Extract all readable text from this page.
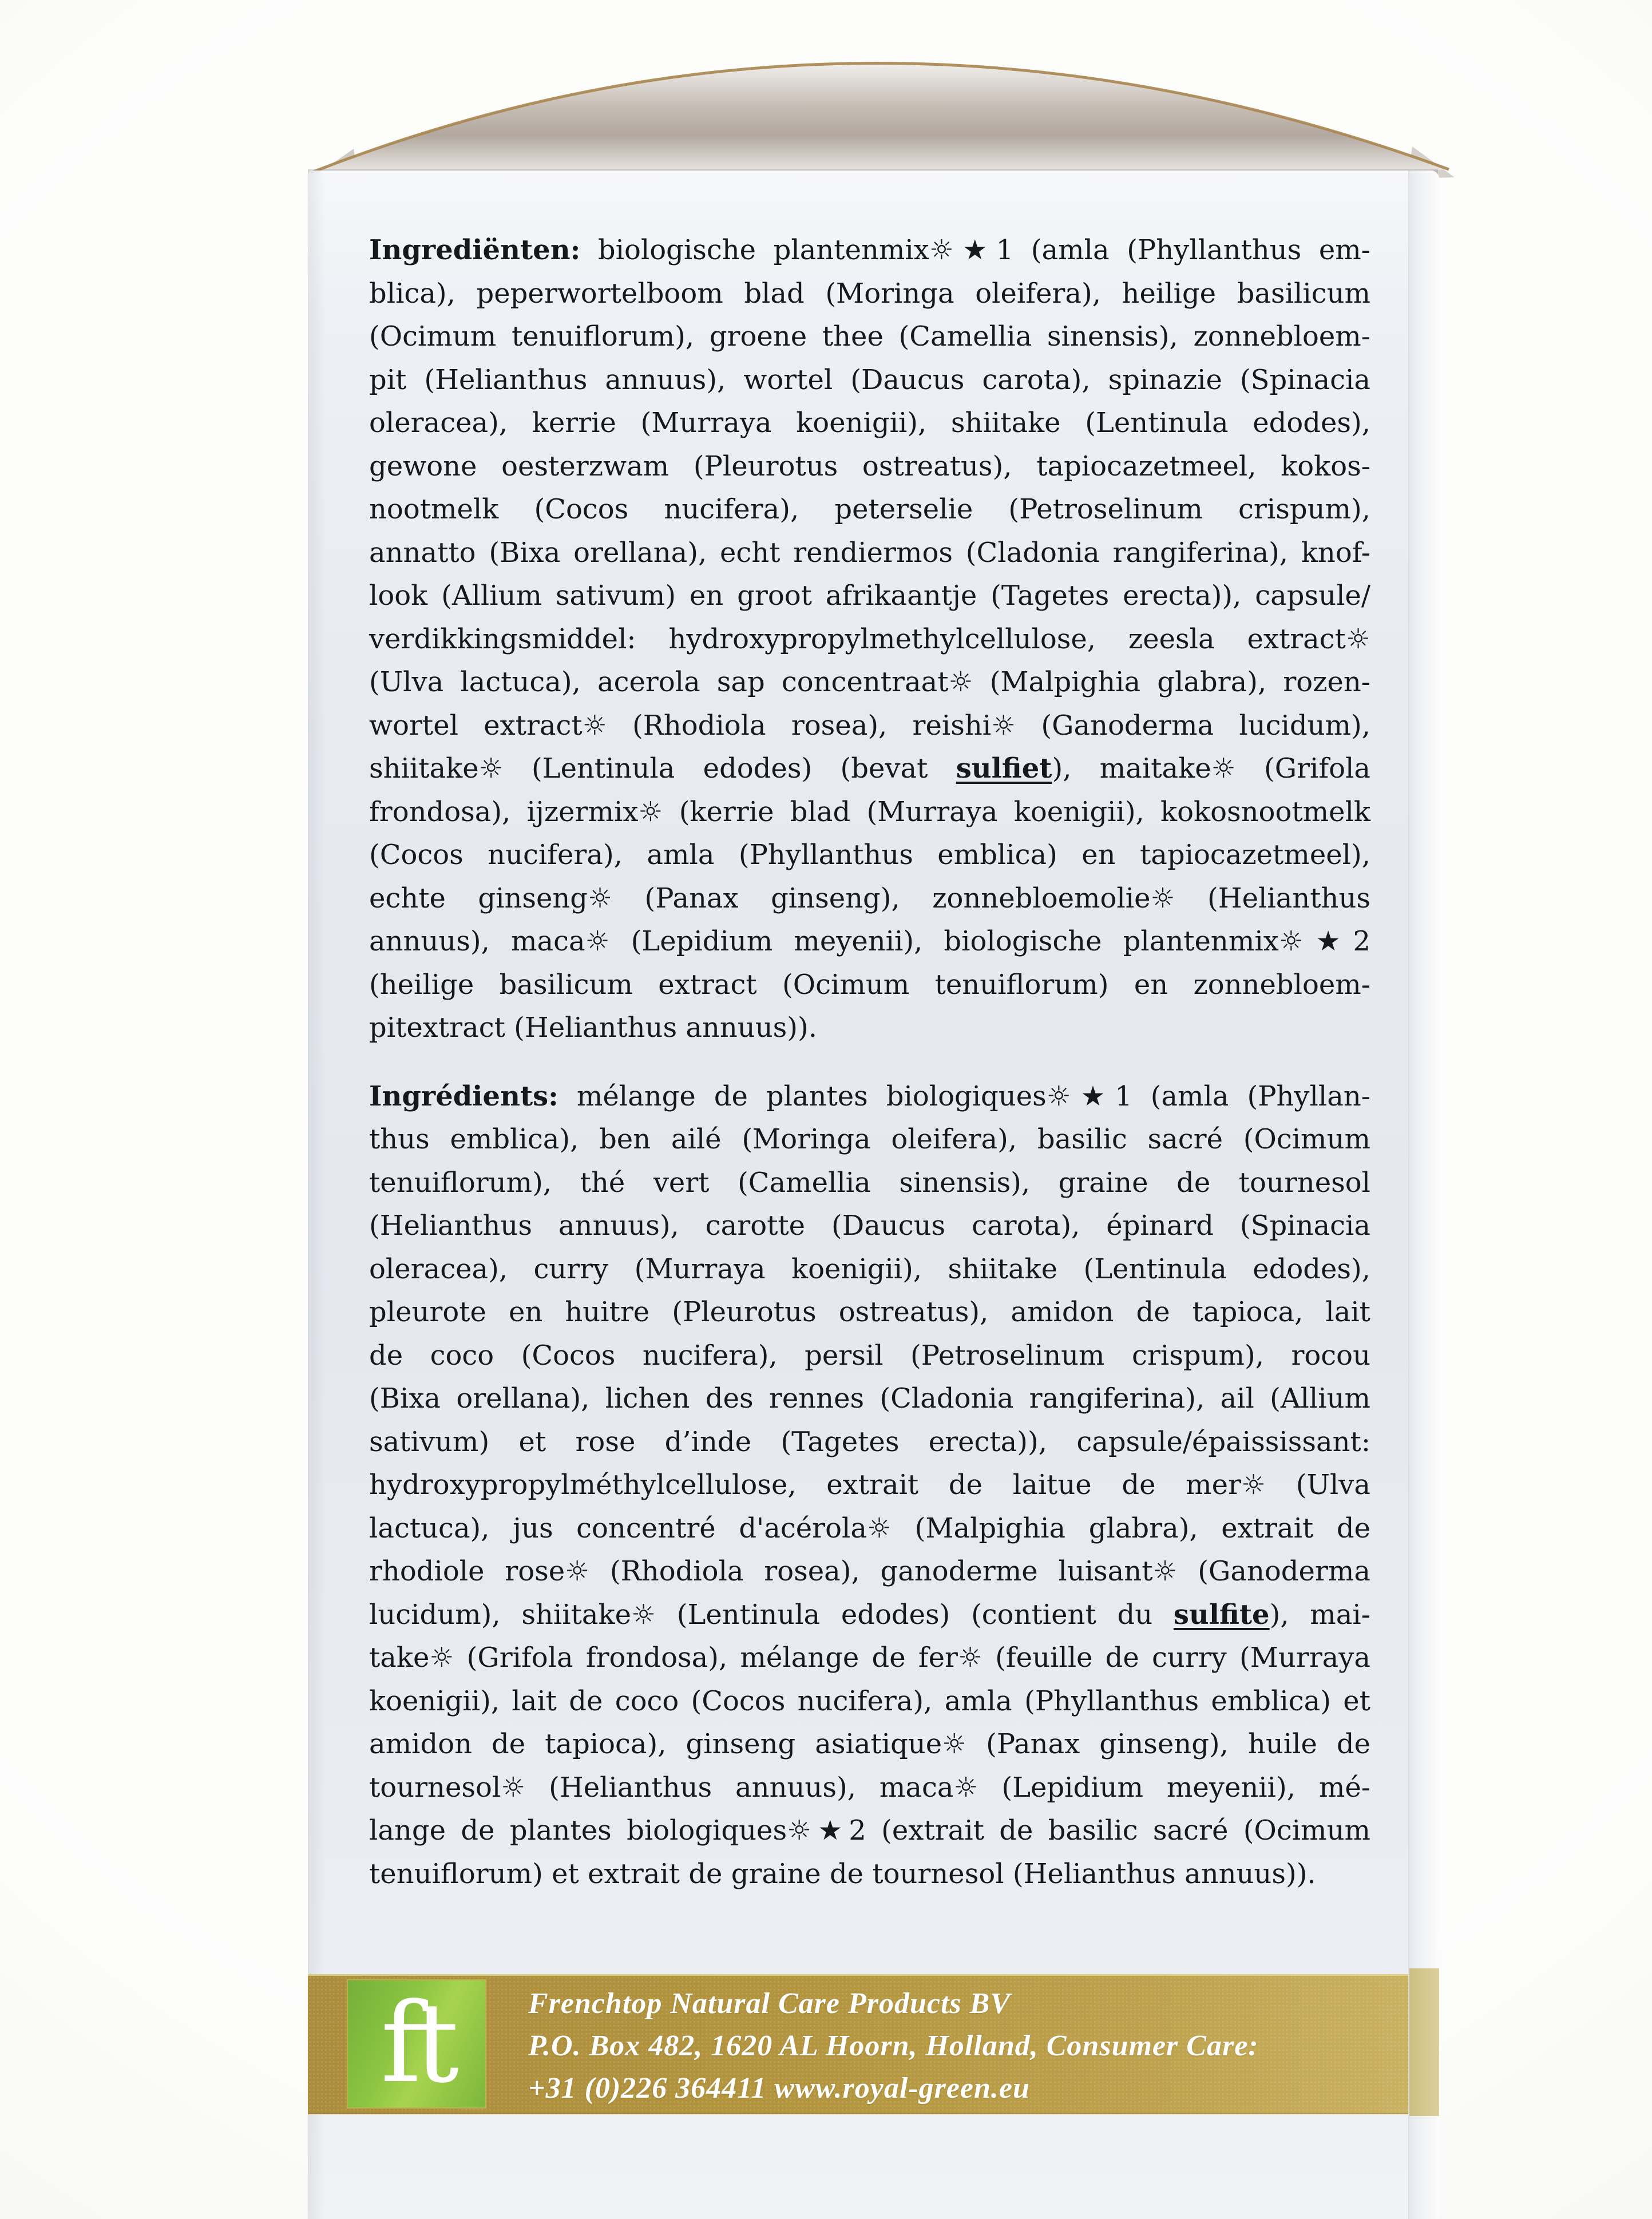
Ingrediënten: biologische plantenmix☼★1 (amla (Phyllanthus em-
blica), peperwortelboom blad (Moringa oleifera), heilige basilicum
(Ocimum tenuiflorum), groene thee (Camellia sinensis), zonnebloem-
pit (Helianthus annuus), wortel (Daucus carota), spinazie (Spinacia
oleracea), kerrie (Murraya koenigii), shiitake (Lentinula edodes),
gewone oesterzwam (Pleurotus ostreatus), tapiocazetmeel, kokos-
nootmelk (Cocos nucifera), peterselie (Petroselinum crispum),
annatto (Bixa orellana), echt rendiermos (Cladonia rangiferina), knof-
look (Allium sativum) en groot afrikaantje (Tagetes erecta)), capsule/
verdikkingsmiddel: hydroxypropylmethylcellulose, zeesla extract☼
(Ulva lactuca), acerola sap concentraat☼ (Malpighia glabra), rozen-
wortel extract☼ (Rhodiola rosea), reishi☼ (Ganoderma lucidum),
shiitake☼ (Lentinula edodes) (bevat sulfiet), maitake☼ (Grifola
frondosa), ijzermix☼ (kerrie blad (Murraya koenigii), kokosnootmelk
(Cocos nucifera), amla (Phyllanthus emblica) en tapiocazetmeel),
echte ginseng☼ (Panax ginseng), zonnebloemolie☼ (Helianthus
annuus), maca☼ (Lepidium meyenii), biologische plantenmix☼★2
(heilige basilicum extract (Ocimum tenuiflorum) en zonnebloem-
pitextract (Helianthus annuus)).
Ingrédients: mélange de plantes biologiques☼★1 (amla (Phyllan-
thus emblica), ben ailé (Moringa oleifera), basilic sacré (Ocimum
tenuiflorum), thé vert (Camellia sinensis), graine de tournesol
(Helianthus annuus), carotte (Daucus carota), épinard (Spinacia
oleracea), curry (Murraya koenigii), shiitake (Lentinula edodes),
pleurote en huitre (Pleurotus ostreatus), amidon de tapioca, lait
de coco (Cocos nucifera), persil (Petroselinum crispum), rocou
(Bixa orellana), lichen des rennes (Cladonia rangiferina), ail (Allium
sativum) et rose d’inde (Tagetes erecta)), capsule/épaississant:
hydroxypropylméthylcellulose, extrait de laitue de mer☼ (Ulva
lactuca), jus concentré d'acérola☼ (Malpighia glabra), extrait de
rhodiole rose☼ (Rhodiola rosea), ganoderme luisant☼ (Ganoderma
lucidum), shiitake☼ (Lentinula edodes) (contient du sulfite), mai-
take☼ (Grifola frondosa), mélange de fer☼ (feuille de curry (Murraya
koenigii), lait de coco (Cocos nucifera), amla (Phyllanthus emblica) et
amidon de tapioca), ginseng asiatique☼ (Panax ginseng), huile de
tournesol☼ (Helianthus annuus), maca☼ (Lepidium meyenii), mé-
lange de plantes biologiques☼★2 (extrait de basilic sacré (Ocimum
tenuiflorum) et extrait de graine de tournesol (Helianthus annuus)).
ft	Frenchtop Natural Care Products BV
P.O. Box 482, 1620 AL Hoorn, Holland, Consumer Care:
+31 (0)226 364411 www.royal-green.eu
